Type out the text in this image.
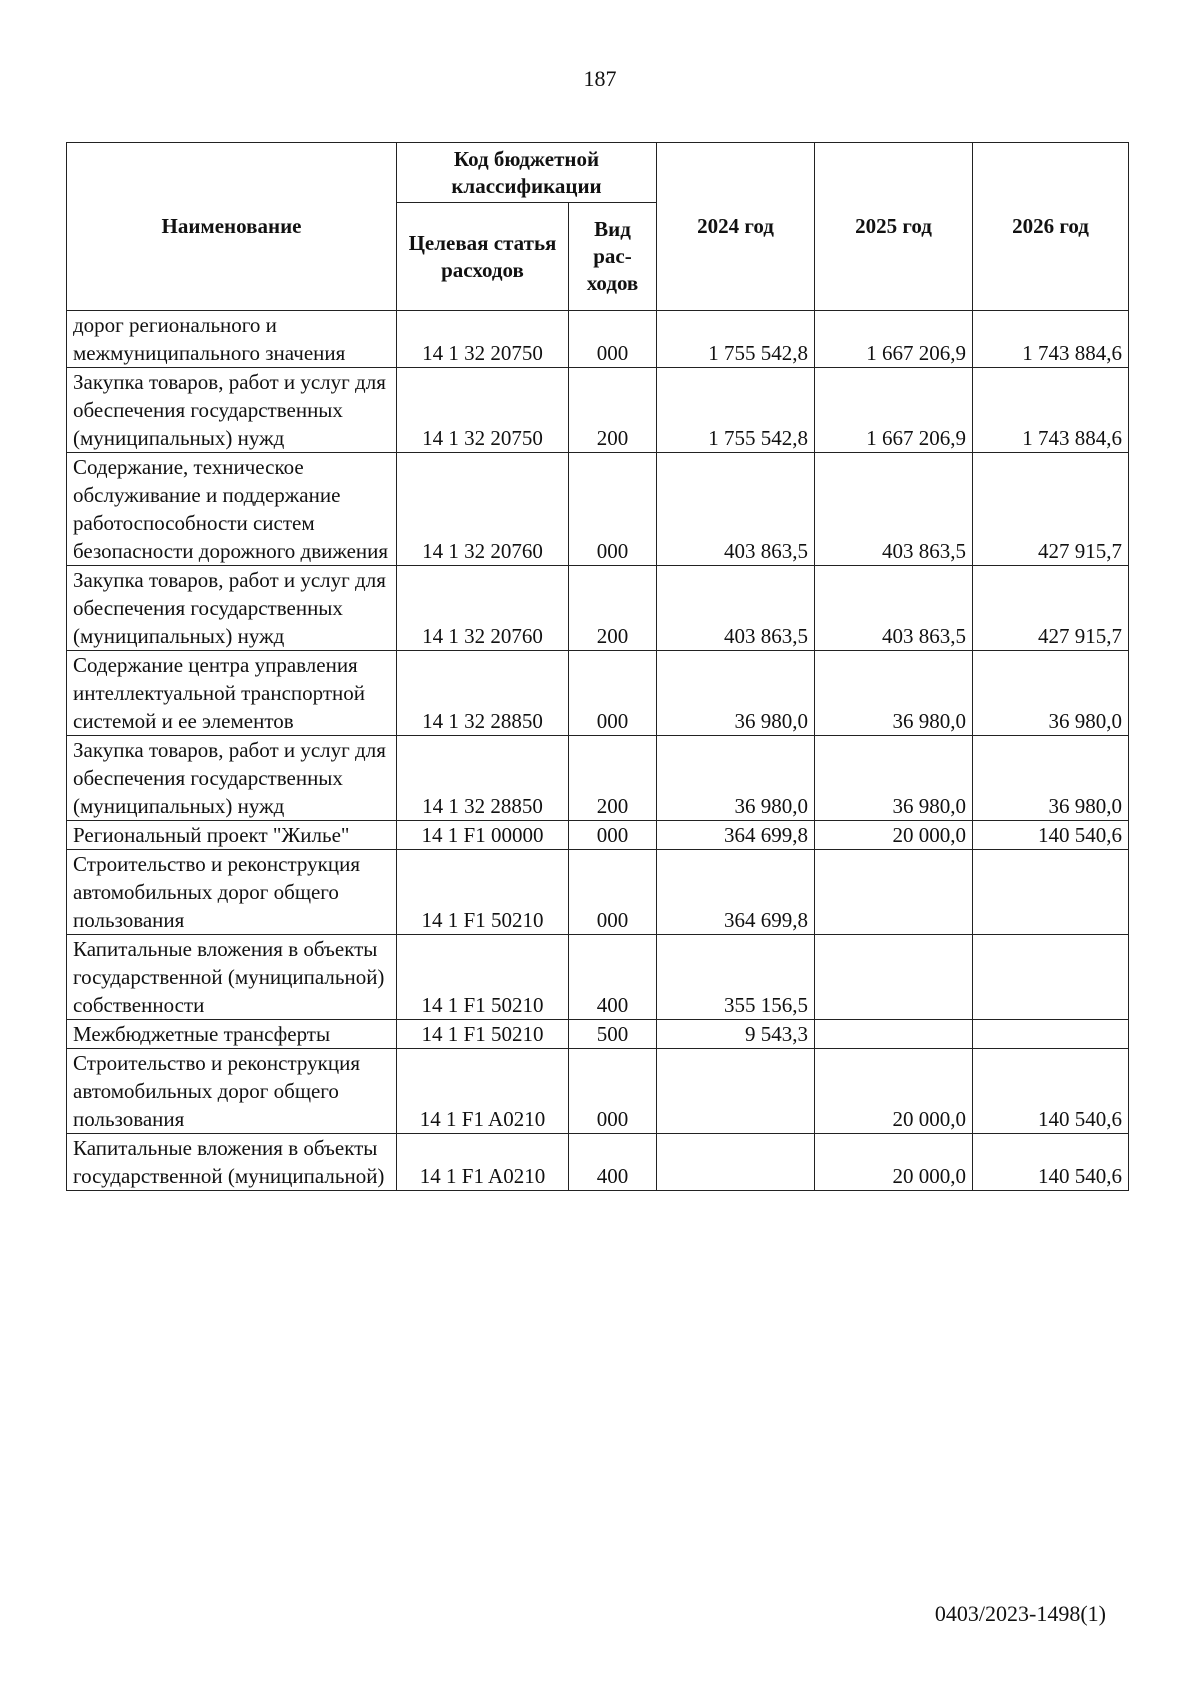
187
Наименование	Код бюджетной классификации		2024 год	2025 год	2026 год
	Целевая статья расходов	Вид рас-ходов			
дорог регионального и межмуниципального значения	14 1 32 20750	000	1 755 542,8	1 667 206,9	1 743 884,6
Закупка товаров, работ и услуг для обеспечения государственных (муниципальных) нужд	14 1 32 20750	200	1 755 542,8	1 667 206,9	1 743 884,6
Содержание, техническое обслуживание и поддержание работоспособности систем безопасности дорожного движения	14 1 32 20760	000	403 863,5	403 863,5	427 915,7
Закупка товаров, работ и услуг для обеспечения государственных (муниципальных) нужд	14 1 32 20760	200	403 863,5	403 863,5	427 915,7
Содержание центра управления интеллектуальной транспортной системой и ее элементов	14 1 32 28850	000	36 980,0	36 980,0	36 980,0
Закупка товаров, работ и услуг для обеспечения государственных (муниципальных) нужд	14 1 32 28850	200	36 980,0	36 980,0	36 980,0
Региональный проект "Жилье"	14 1 F1 00000	000	364 699,8	20 000,0	140 540,6
Строительство и реконструкция автомобильных дорог общего пользования	14 1 F1 50210	000	364 699,8		
Капитальные вложения в объекты государственной (муниципальной) собственности	14 1 F1 50210	400	355 156,5		
Межбюджетные трансферты	14 1 F1 50210	500	9 543,3		
Строительство и реконструкция автомобильных дорог общего пользования	14 1 F1 A0210	000		20 000,0	140 540,6
Капитальные вложения в объекты государственной (муниципальной)	14 1 F1 A0210	400		20 000,0	140 540,6
0403/2023-1498(1)
